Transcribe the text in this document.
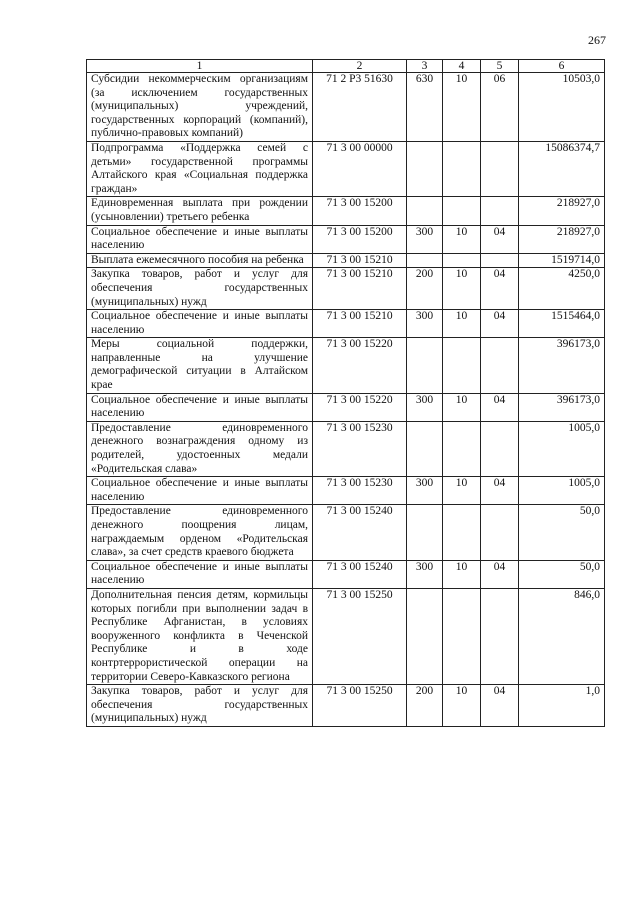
267
1	2	3	4	5	6
Субсидии некоммерческим организациям (за исключением государственных (муниципальных) учреждений, государственных корпораций (компаний), публично-правовых компаний)	71 2 P3 51630	630	10	06	10503,0
Подпрограмма «Поддержка семей с детьми» государственной программы Алтайского края «Социальная поддержка граждан»	71 3 00 00000				15086374,7
Единовременная выплата при рождении (усыновлении) третьего ребенка	71 3 00 15200				218927,0
Социальное обеспечение и иные выплаты населению	71 3 00 15200	300	10	04	218927,0
Выплата ежемесячного пособия на ребенка	71 3 00 15210				1519714,0
Закупка товаров, работ и услуг для обеспечения государственных (муниципальных) нужд	71 3 00 15210	200	10	04	4250,0
Социальное обеспечение и иные выплаты населению	71 3 00 15210	300	10	04	1515464,0
Меры социальной поддержки, направленные на улучшение демографической ситуации в Алтайском крае	71 3 00 15220				396173,0
Социальное обеспечение и иные выплаты населению	71 3 00 15220	300	10	04	396173,0
Предоставление единовременного денежного вознаграждения одному из родителей, удостоенных медали «Родительская слава»	71 3 00 15230				1005,0
Социальное обеспечение и иные выплаты населению	71 3 00 15230	300	10	04	1005,0
Предоставление единовременного денежного поощрения лицам, награждаемым орденом «Родительская слава», за счет средств краевого бюджета	71 3 00 15240				50,0
Социальное обеспечение и иные выплаты населению	71 3 00 15240	300	10	04	50,0
Дополнительная пенсия детям, кормильцы которых погибли при выполнении задач в Республике Афганистан, в условиях вооруженного конфликта в Чеченской Республике и в ходе контртеррористической операции на территории Северо-Кавказского региона	71 3 00 15250				846,0
Закупка товаров, работ и услуг для обеспечения государственных (муниципальных) нужд	71 3 00 15250	200	10	04	1,0
